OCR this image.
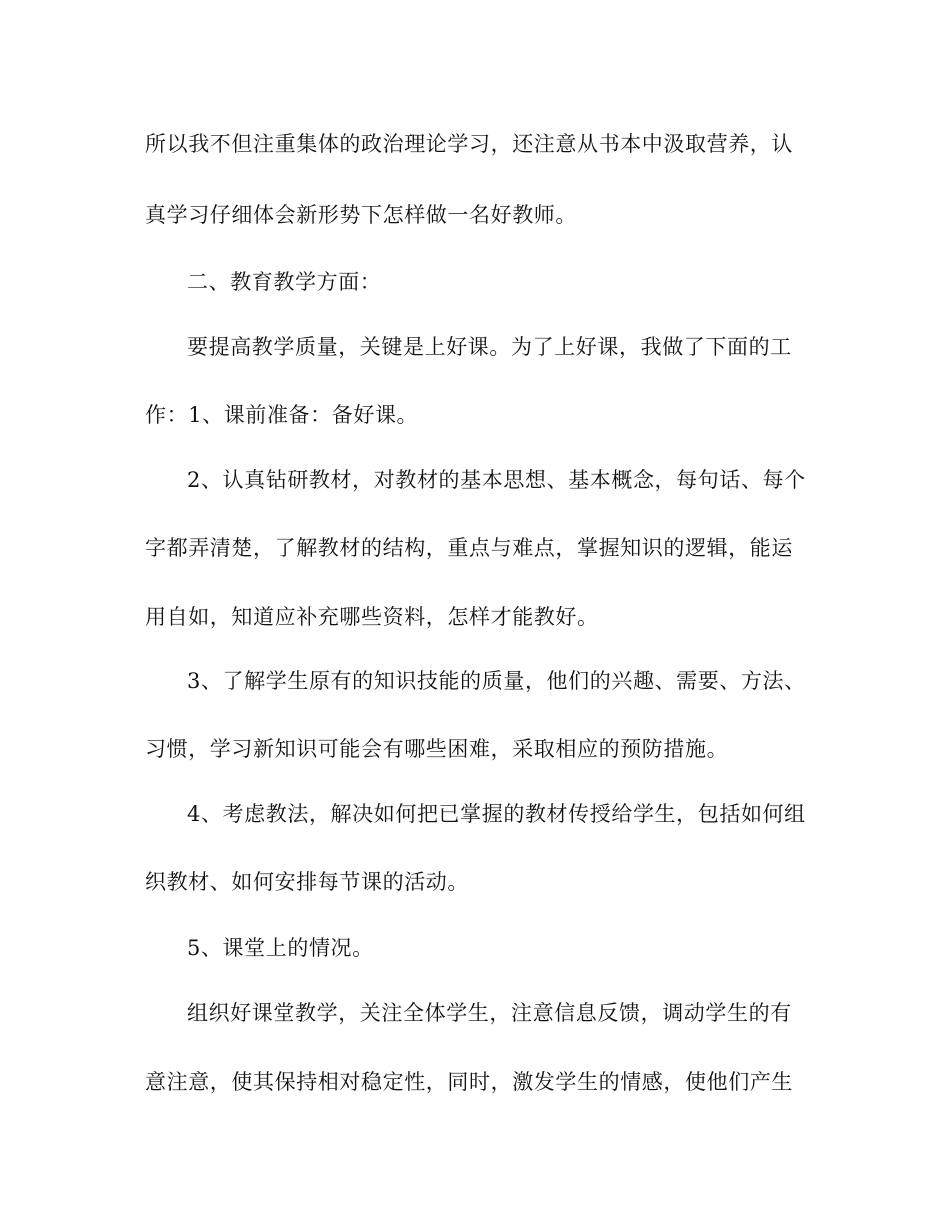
所以我不但注重集体的政治理论学习，还注意从书本中汲取营养，认
真学习仔细体会新形势下怎样做一名好教师。
二、教育教学方面：
要提高教学质量，关键是上好课。为了上好课，我做了下面的工
作：1、课前准备：备好课。
2、认真钻研教材，对教材的基本思想、基本概念，每句话、每个
字都弄清楚，了解教材的结构，重点与难点，掌握知识的逻辑，能运
用自如，知道应补充哪些资料，怎样才能教好。
3、了解学生原有的知识技能的质量，他们的兴趣、需要、方法、
习惯，学习新知识可能会有哪些困难，采取相应的预防措施。
4、考虑教法，解决如何把已掌握的教材传授给学生，包括如何组
织教材、如何安排每节课的活动。
5、课堂上的情况。
组织好课堂教学，关注全体学生，注意信息反馈，调动学生的有
意注意，使其保持相对稳定性，同时，激发学生的情感，使他们产生
